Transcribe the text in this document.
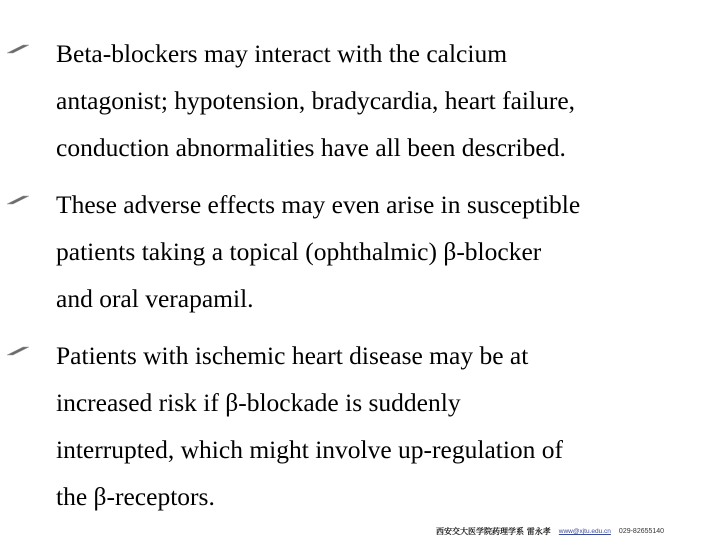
Beta-blockers may interact with the calcium
antagonist; hypotension, bradycardia, heart failure,
conduction abnormalities have all been described.

These adverse effects may even arise in susceptible
patients taking a topical (ophthalmic) β-blocker
and oral verapamil.

Patients with ischemic heart disease may be at
increased risk if β-blockade is suddenly
interrupted, which might involve up-regulation of
the β-receptors.

西安交大医学院药理学系 雷永孝 www@xjtu.edu.cn 029-82655140
